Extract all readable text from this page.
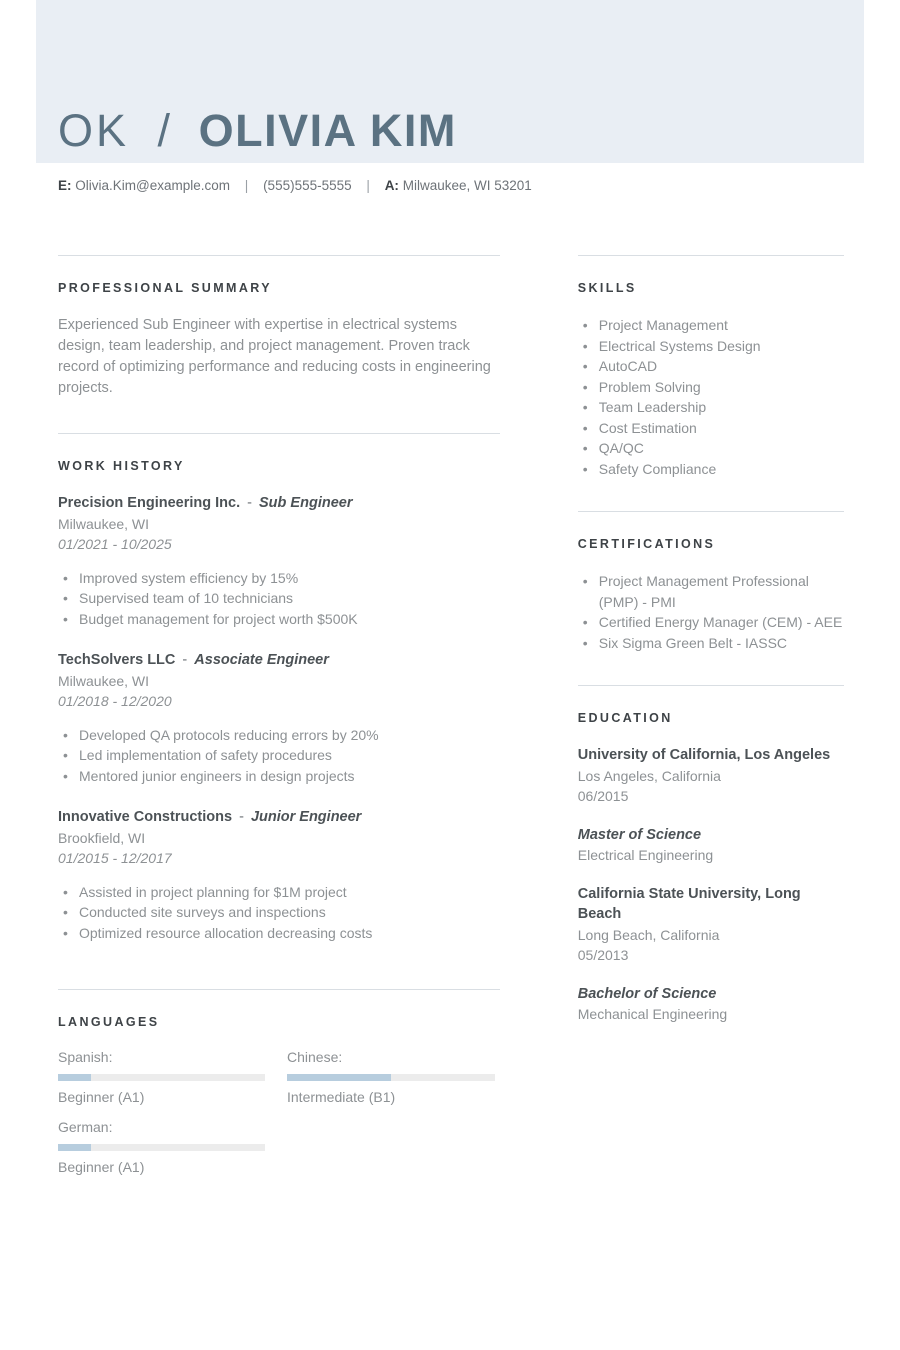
OK / OLIVIA KIM
E: Olivia.Kim@example.com | (555)555-5555 | A: Milwaukee, WI 53201
PROFESSIONAL SUMMARY

Experienced Sub Engineer with expertise in electrical systems design, team leadership, and project management. Proven track record of optimizing performance and reducing costs in engineering projects.

WORK HISTORY
Precision Engineering Inc. - Sub Engineer
Milwaukee, WI
01/2021 - 10/2025
• Improved system efficiency by 15%
• Supervised team of 10 technicians
• Budget management for project worth $500K
TechSolvers LLC - Associate Engineer
Milwaukee, WI
01/2018 - 12/2020
• Developed QA protocols reducing errors by 20%
• Led implementation of safety procedures
• Mentored junior engineers in design projects
Innovative Constructions - Junior Engineer
Brookfield, WI
01/2015 - 12/2017
• Assisted in project planning for $1M project
• Conducted site surveys and inspections
• Optimized resource allocation decreasing costs
LANGUAGES
Spanish:
Beginner (A1)
Chinese:
Intermediate (B1)
German:
Beginner (A1)
SKILLS
• Project Management
• Electrical Systems Design
• AutoCAD
• Problem Solving
• Team Leadership
• Cost Estimation
• QA/QC
• Safety Compliance
CERTIFICATIONS
• Project Management Professional (PMP) - PMI
• Certified Energy Manager (CEM) - AEE
• Six Sigma Green Belt - IASSC
EDUCATION
University of California, Los Angeles
Los Angeles, California
06/2015
Master of Science
Electrical Engineering
California State University, Long Beach
Long Beach, California
05/2013
Bachelor of Science
Mechanical Engineering
